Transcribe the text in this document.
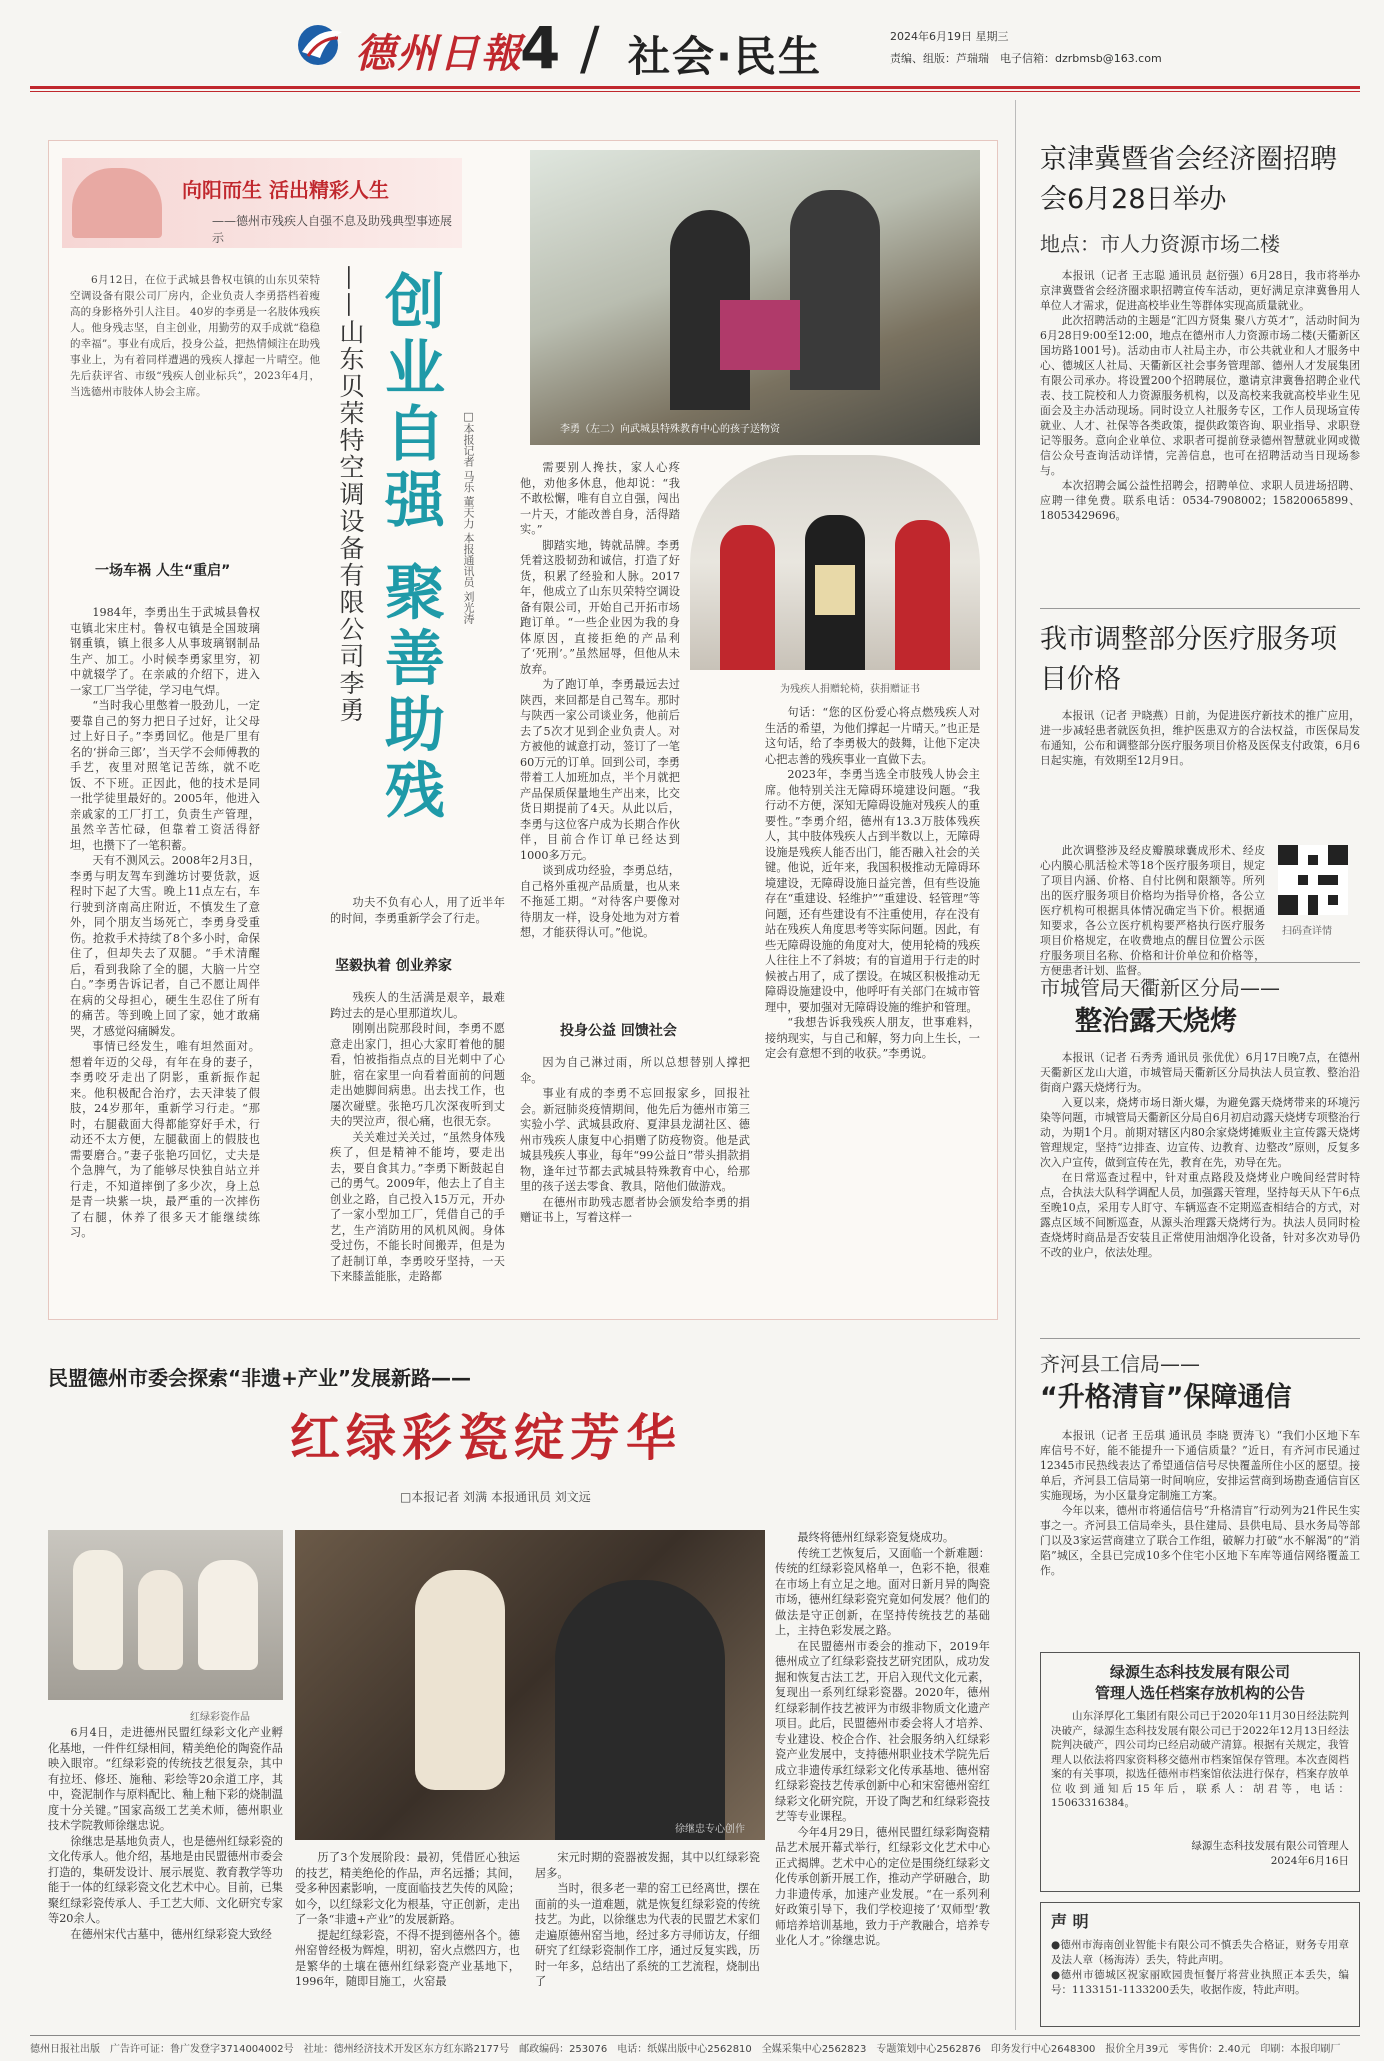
德州日報
4 / 社会·民生	2024年6月19日 星期三
责编、组版：芦瑞瑞　 电子信箱：dzrbmsb@163.com
向阳而生 活出精彩人生
——德州市残疾人自强不息及助残典型事迹展示

6月12日，在位于武城县鲁权屯镇的山东贝荣特空调设备有限公司厂房内，企业负责人李勇搭档着瘦高的身影格外引人注目。 40岁的李勇是一名肢体残疾人。他身残志坚，自主创业，用勤劳的双手成就“稳稳的幸福”。事业有成后，投身公益，把热情倾注在助残事业上，为有着同样遭遇的残疾人撑起一片晴空。他先后获评省、市级“残疾人创业标兵”，2023年4月，当选德州市肢体人协会主席。	创业自强 聚善助残
——山东贝荣特空调设备有限公司李勇	□本报记者 马乐 董天力 本报通讯员 刘光涛	李勇（左二）向武城县特殊教育中心的孩子送物资
一场车祸 人生“重启”

1984年，李勇出生于武城县鲁权屯镇北宋庄村。鲁权屯镇是全国玻璃钢重镇，镇上很多人从事玻璃钢制品生产、加工。小时候李勇家里穷，初中就辍学了。在亲戚的介绍下，进入一家工厂当学徒，学习电气焊。

“当时我心里憋着一股劲儿，一定要靠自己的努力把日子过好，让父母过上好日子。”李勇回忆。他是厂里有名的‘拼命三郎’，当天学不会师傅教的手艺，夜里对照笔记苦练，就不吃饭、不下班。正因此，他的技术是同一批学徒里最好的。2005年，他进入亲戚家的工厂打工，负责生产管理，虽然辛苦忙碌，但靠着工资活得舒坦，也攒下了一笔积蓄。

天有不测风云。2008年2月3日，李勇与明友驾车到潍坊讨要货款，返程时下起了大雪。晚上11点左右，车行驶到济南高庄附近，不慎发生了意外，同个朋友当场死亡，李勇身受重伤。抢救手术持续了8个多小时，命保住了，但却失去了双腿。“手术清醒后，看到我除了全的腿，大脑一片空白。”李勇告诉记者，自己不愿让周伴在病的父母担心，硬生生忍住了所有的痛苦。等到晚上回了家，她才敢痛哭，才感觉闷痛瞬发。

事情已经发生，唯有坦然面对。想着年迈的父母，有年在身的妻子，李勇咬牙走出了阴影，重新振作起来。他积极配合治疗，去天津装了假肢，24岁那年，重新学习行走。“那时，右腿截面大得都能穿好手术，行动还不太方便，左腿截面上的假肢也需要磨合。”妻子张艳巧回忆，丈夫是个急脾气，为了能够尽快独自站立并行走，不知道摔倒了多少次，身上总是青一块紫一块，最严重的一次摔伤了右腿，休养了很多天才能继续练习。

功夫不负有心人，用了近半年的时间，李勇重新学会了行走。

坚毅执着 创业养家

残疾人的生活满是艰辛，最难跨过去的是心里那道坎儿。

刚刚出院那段时间，李勇不愿意走出家门，担心大家盯着他的腿看，怕被指指点点的目光刺中了心脏，宿在家里一向看着面前的问题走出她脚间病患。出去找工作，也屡次碰壁。张艳巧几次深夜听到丈夫的哭泣声，很心痛，也很无奈。

关关难过关关过，“虽然身体残疾了，但是精神不能垮，要走出去，要自食其力。”李勇下断鼓起自己的勇气。2009年，他去上了自主创业之路，自己投入15万元，开办了一家小型加工厂，凭借自己的手艺，生产消防用的风机风阀。身体受过伤，不能长时间搬弄，但是为了赶制订单，李勇咬牙坚持，一天下来膝盖能胀，走路都

需要别人搀扶，家人心疼他，劝他多休息，他却说：“我不敢松懈，唯有自立自强，闯出一片天，才能改善自身，活得踏实。”

脚踏实地，铸就品牌。李勇凭着这股韧劲和诚信，打造了好货，积累了经验和人脉。2017年，他成立了山东贝荣特空调设备有限公司，开始自己开拓市场跑订单。“一些企业因为我的身体原因，直接拒绝的产品利了‘死刑’。”虽然屈辱，但他从未放弃。

为了跑订单，李勇最远去过陕西，来回都是自己驾车。那时与陕西一家公司谈业务，他前后去了5次才见到企业负责人。对方被他的诚意打动，签订了一笔60万元的订单。回到公司，李勇带着工人加班加点，半个月就把产品保质保量地生产出来，比交货日期提前了4天。从此以后，李勇与这位客户成为长期合作伙伴，目前合作订单已经达到1000多万元。

谈到成功经验，李勇总结，自己格外重视产品质量，也从来不拖延工期。“对待客户要像对待朋友一样，设身处地为对方着想，才能获得认可。”他说。

为残疾人捐赠轮椅，获捐赠证书
投身公益 回馈社会

因为自己淋过雨，所以总想替别人撑把伞。

事业有成的李勇不忘回报家乡，回报社会。新冠肺炎疫情期间，他先后为德州市第三实验小学、武城县政府、夏津县龙湖社区、德州市残疾人康复中心捐赠了防疫物资。他是武城县残疾人事业，每年“99公益日”带头捐款捐物，逢年过节都去武城县特殊教育中心，给那里的孩子送去零食、教具，陪他们做游戏。

在德州市助残志愿者协会颁发给李勇的捐赠证书上，写着这样一

句话：“您的区份爱心将点燃残疾人对生活的希望，为他们撑起一片晴天。”也正是这句话，给了李勇极大的鼓舞，让他下定决心把志善的残疾事业一直做下去。

2023年，李勇当选全市肢残人协会主席。他特别关注无障碍环境建设问题。“我行动不方便，深知无障碍设施对残疾人的重要性。”李勇介绍，德州有13.3万肢体残疾人，其中肢体残疾人占到半数以上，无障碍设施是残疾人能否出门，能否融入社会的关键。他说，近年来，我国积极推动无障碍环境建设，无障碍设施日益完善，但有些设施存在“重建设、轻维护”“重建设、轻管理”等问题，还有些建设有不注重使用，存在没有站在残疾人角度思考等实际问题。因此，有些无障碍设施的角度对大，使用轮椅的残疾人往往上不了斜坡；有的盲道用于行走的时候被占用了，成了摆设。在城区积极推动无障碍设施建设中，他呼吁有关部门在城市管理中，要加强对无障碍设施的维护和管理。

“我想告诉我残疾人朋友，世事难料，接纳现实，与自己和解，努力向上生长，一定会有意想不到的收获。”李勇说。

民盟德州市委会探索“非遗+产业”发展新路——
红绿彩瓷绽芳华
□本报记者 刘满 本报通讯员 刘文远
红绿彩瓷作品
徐继忠专心创作

6月4日，走进德州民盟红绿彩文化产业孵化基地，一件件红绿相间，精美绝伦的陶瓷作品映入眼帘。“红绿彩瓷的传统技艺很复杂，其中有拉坯、修坯、施釉、彩绘等20余道工序，其中，瓷泥制作与原料配比、釉上釉下彩的烧制温度十分关键。”国家高级工艺美术师，德州职业技术学院教师徐继忠说。

徐继忠是基地负责人，也是德州红绿彩瓷的文化传承人。他介绍，基地是由民盟德州市委会打造的，集研发设计、展示展览、教育教学等功能于一体的红绿彩瓷文化艺术中心。目前，已集聚红绿彩瓷传承人、手工艺大师、文化研究专家等20余人。

在德州宋代古墓中，德州红绿彩瓷大致经

历了3个发展阶段：最初，凭借匠心独运的技艺，精美绝伦的作品，声名远播；其间，受多种因素影响，一度面临技艺失传的风险；如今，以红绿彩文化为根基，守正创新，走出了一条“非遗+产业”的发展新路。

提起红绿彩瓷，不得不提到德州各个。德州窑曾经极为辉煌，明初，窑火点燃四方，也是繁华的土壤在德州红绿彩瓷产业基地下，1996年，随即目施工，火窑最

宋元时期的瓷器被发掘，其中以红绿彩瓷居多。

当时，很多老一辈的窑工已经离世，摆在面前的头一道难题，就是恢复红绿彩瓷的传统技艺。为此，以徐继忠为代表的民盟艺术家们走遍原德州窑当地，经过多方寻师访友，仔细研究了红绿彩瓷制作工序，通过反复实践，历时一年多，总结出了系统的工艺流程，烧制出了

最终将德州红绿彩瓷复烧成功。

传统工艺恢复后，又面临一个新难题：传统的红绿彩瓷风格单一，色彩不艳，很难在市场上有立足之地。面对日新月异的陶瓷市场，德州红绿彩瓷究竟如何发展？他们的做法是守正创新，在坚持传统技艺的基础上，主持色彩发展之路。

在民盟德州市委会的推动下，2019年德州成立了红绿彩瓷技艺研究团队，成功发掘和恢复古法工艺，开启入现代文化元素，复现出一系列红绿彩瓷器。2020年，德州红绿彩制作技艺被评为市级非物质文化遗产项目。此后，民盟德州市委会将人才培养、专业建设、校企合作、社会服务纳入红绿彩瓷产业发展中，支持德州职业技术学院先后成立非遗传承红绿彩文化传承基地、德州窑红绿彩瓷技艺传承创新中心和宋窑德州窑红绿彩文化研究院，开设了陶艺和红绿彩瓷技艺等专业课程。

今年4月29日，德州民盟红绿彩陶瓷精品艺术展开幕式举行，红绿彩文化艺术中心正式揭牌。艺术中心的定位是围绕红绿彩文化传承创新开展工作，推动产学研融合，助力非遗传承，加速产业发展。“在一系列利好政策引导下，我们学校迎接了‘双师型’教师培养培训基地，致力于产教融合，培养专业化人才。”徐继忠说。

京津冀暨省会经济圈招聘会6月28日举办
地点：市人力资源市场二楼

本报讯（记者 王志聪 通讯员 赵衍强）6月28日，我市将举办京津冀暨省会经济圈求职招聘宣传车活动，更好满足京津冀鲁用人单位人才需求，促进高校毕业生等群体实现高质量就业。

此次招聘活动的主题是“汇四方贤集 聚八方英才”，活动时间为6月28日9:00至12:00，地点在德州市人力资源市场二楼(天衢新区国坊路1001号)。活动由市人社局主办，市公共就业和人才服务中心、德城区人社局、天衢新区社会事务管理部、德州人才发展集团有限公司承办。将设置200个招聘展位，邀请京津冀鲁招聘企业代表、技工院校和人力资源服务机构，以及高校来我就高校毕业生见面会及主办活动现场。同时设立人社服务专区，工作人员现场宣传就业、人才、社保等各类政策，提供政策咨询、职业指导、求职登记等服务。意向企业单位、求职者可提前登录德州智慧就业网或微信公众号查询活动详情，完善信息，也可在招聘活动当日现场参与。

本次招聘会属公益性招聘会，招聘单位、求职人员进场招聘、应聘一律免费。联系电话：0534-7908002；15820065899、18053429696。

我市调整部分医疗服务项目价格

本报讯（记者 尹晓燕）日前，为促进医疗新技术的推广应用，进一步减轻患者就医负担，维护医患双方的合法权益，市医保局发布通知，公布和调整部分医疗服务项目价格及医保支付政策，6月6日起实施，有效期至12月9日。

此次调整涉及经皮瓣膜球囊成形术、经皮心内膜心肌活检术等18个医疗服务项目，规定了项目内涵、价格、自付比例和限额等。所列出的医疗服务项目价格均为指导价格，各公立医疗机构可根据具体情况确定当下价。根据通知要求，各公立医疗机构要严格执行医疗服务项目价格规定，在收费地点的醒目位置公示医疗服务项目名称、价格和计价单位和价格等，方便患者计划、监督。

扫码查详情
市城管局天衢新区分局——
整治露天烧烤

本报讯（记者 石秀秀 通讯员 张优优）6月17日晚7点，在德州天衢新区龙山大道，市城管局天衢新区分局执法人员宣教、整治沿街商户露天烧烤行为。

入夏以来，烧烤市场日渐火爆，为避免露天烧烤带来的环境污染等问题，市城管局天衢新区分局自6月初启动露天烧烤专项整治行动，为期1个月。前期对辖区内80余家烧烤摊贩业主宣传露天烧烤管理规定，坚持“边排查、边宣传、边教育、边整改”原则，反复多次入户宣传，做到宣传在先，教育在先，劝导在先。

在日常巡查过程中，针对重点路段及烧烤业户晚间经营时特点，合执法大队科学调配人员，加强露天管理，坚持每天从下午6点至晚10点，采用专人盯守、车辆巡查不定期巡查相结合的方式，对露点区域不间断巡查，从源头治理露天烧烤行为。执法人员同时检查烧烤时商品是否安装且正常使用油烟净化设备，针对多次劝导仍不改的业户，依法处理。

齐河县工信局——
“升格清盲”保障通信

本报讯（记者 王岳琪 通讯员 李晓 贾涛飞）“我们小区地下车库信号不好，能不能提升一下通信质量？”近日，有齐河市民通过12345市民热线表达了希望通信信号尽快覆盖所住小区的愿望。接单后，齐河县工信局第一时间响应，安排运营商到场勘查通信盲区实施现场，为小区量身定制施工方案。

今年以来，德州市将通信信号“升格清盲”行动列为21件民生实事之一。齐河县工信局牵头，县住建局、县供电局、县水务局等部门以及3家运营商建立了联合工作组，破解力打破“水不解渴”的“消陷”城区，全县已完成10多个住宅小区地下车库等通信网络覆盖工作。

绿源生态科技发展有限公司
管理人选任档案存放机构的公告

山东泽厚化工集团有限公司已于2020年11月30日经法院判决破产，绿源生态科技发展有限公司已于2022年12月13日经法院判决破产，四公司均已经启动破产清算。根据有关规定，我管理人以依法将四家资料移交德州市档案馆保存管理。本次查阅档案的有关事项，拟选任德州市档案馆依法进行保存，档案存放单位收到通知后15年后，联系人：胡君等，电话：15063316384。

绿源生态科技发展有限公司管理人
2024年6月16日
声 明
●德州市海南创业智能卡有限公司不慎丢失合格证，财务专用章及法人章（杨海涛）丢失，特此声明。
●德州市德城区祝家丽欧园贵恒餐厅将营业执照正本丢失，编号：1133151-1133200丢失，收据作废，特此声明。
德州日报社出版　广告许可证：鲁广发登字3714004002号　社址：德州经济技术开发区东方红东路2177号　邮政编码：253076　电话：纸媒出版中心2562810　全媒采集中心2562823　专题策划中心2562876　印务发行中心2648300　报价全月39元　零售价：2.40元　印刷：本报印刷厂
